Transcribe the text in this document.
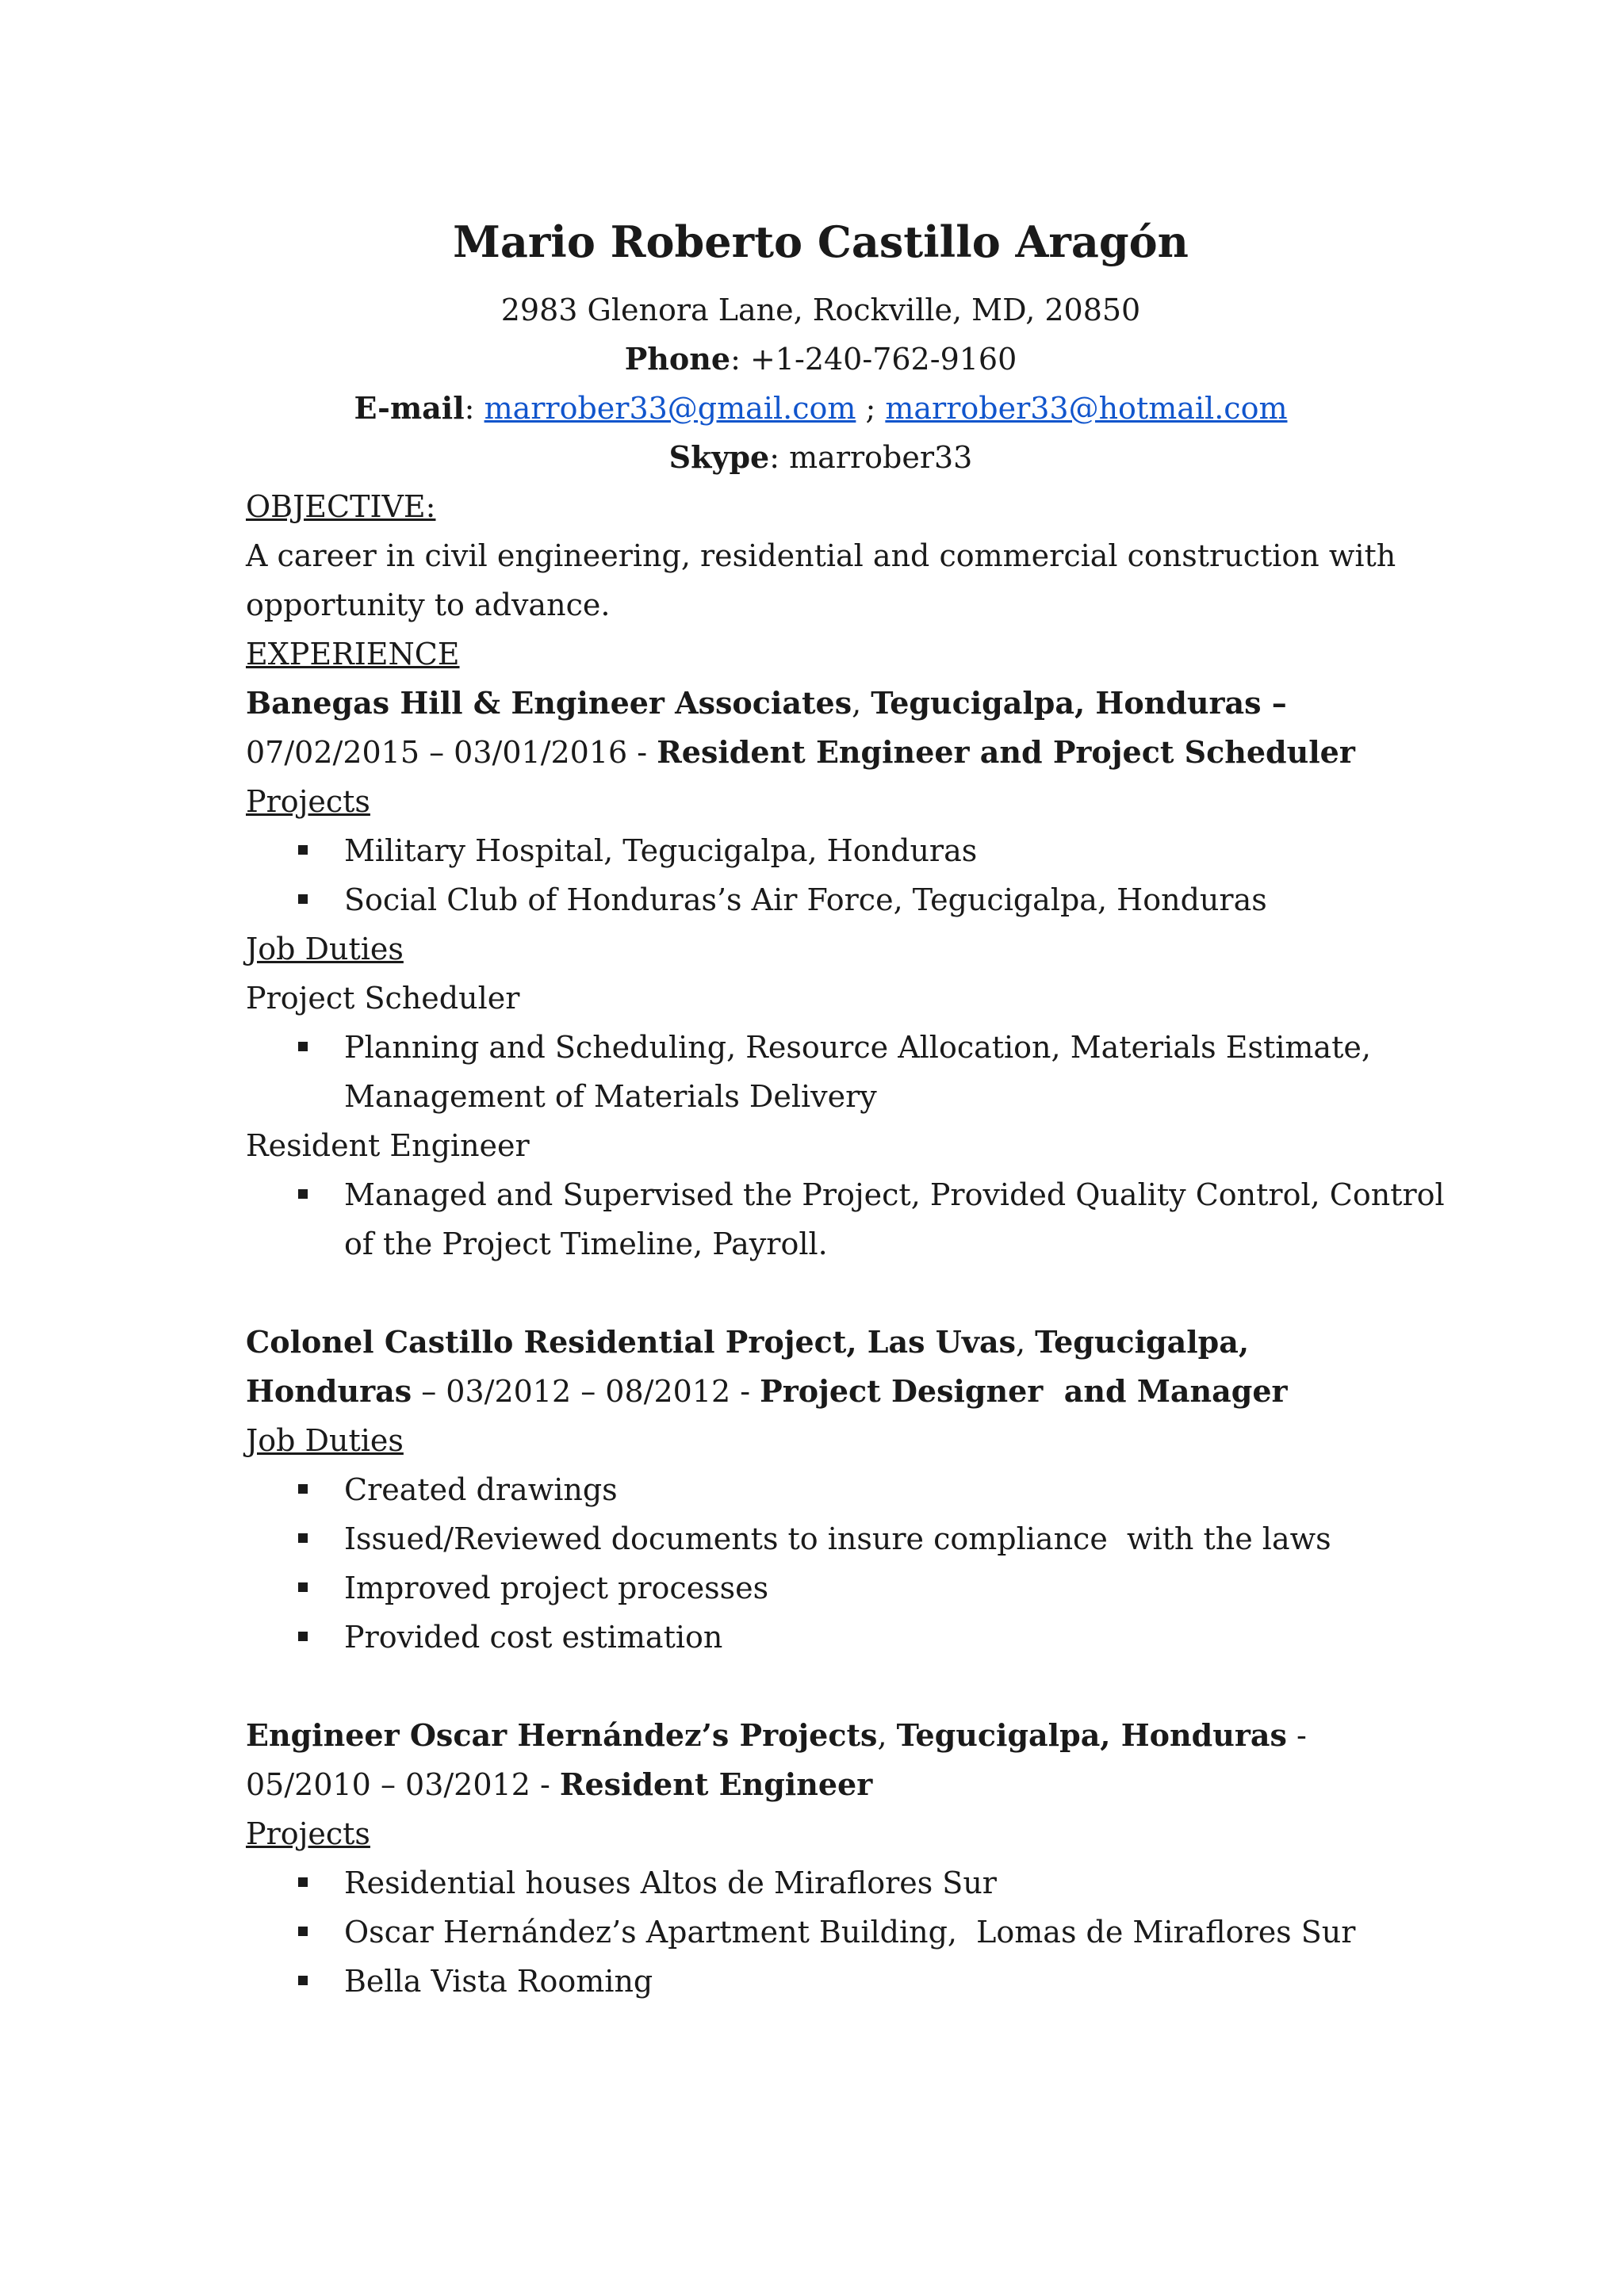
Mario Roberto Castillo Aragón
2983 Glenora Lane, Rockville, MD, 20850
Phone: +1-240-762-9160
E-mail: marrober33@gmail.com ; marrober33@hotmail.com
Skype: marrober33
OBJECTIVE:
A career in civil engineering, residential and commercial construction with
opportunity to advance.
EXPERIENCE
Banegas Hill & Engineer Associates, Tegucigalpa, Honduras –
07/02/2015 – 03/01/2016 - Resident Engineer and Project Scheduler
Projects
Military Hospital, Tegucigalpa, Honduras
Social Club of Honduras’s Air Force, Tegucigalpa, Honduras
Job Duties
Project Scheduler
Planning and Scheduling, Resource Allocation, Materials Estimate,
Management of Materials Delivery
Resident Engineer
Managed and Supervised the Project, Provided Quality Control, Control
of the Project Timeline, Payroll.
Colonel Castillo Residential Project, Las Uvas, Tegucigalpa,
Honduras – 03/2012 – 08/2012 - Project Designer  and Manager
Job Duties
Created drawings
Issued/Reviewed documents to insure compliance  with the laws
Improved project processes
Provided cost estimation
Engineer Oscar Hernández’s Projects, Tegucigalpa, Honduras -
05/2010 – 03/2012 - Resident Engineer
Projects
Residential houses Altos de Miraflores Sur
Oscar Hernández’s Apartment Building,  Lomas de Miraflores Sur
Bella Vista Rooming
